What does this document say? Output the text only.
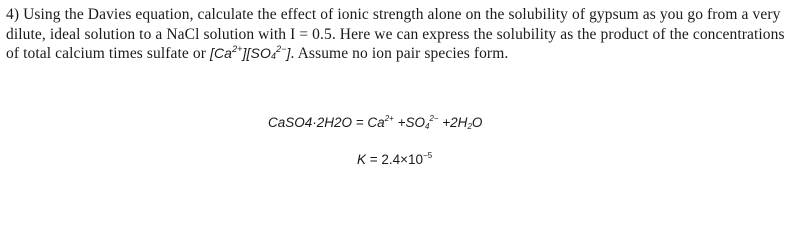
4) Using the Davies equation, calculate the effect of ionic strength alone on the solubility of gypsum as you go from a very dilute, ideal solution to a NaCl solution with I = 0.5. Here we can express the solubility as the product of the concentrations of total calcium times sulfate or $[Ca^{2+}][SO_4^{2-}]$. Assume no ion pair species form.
CaSO4·2H2O = $Ca^{2+} +SO_4^{2-} +2H_2O$
$K = 2.4\times 10^{-5}$
